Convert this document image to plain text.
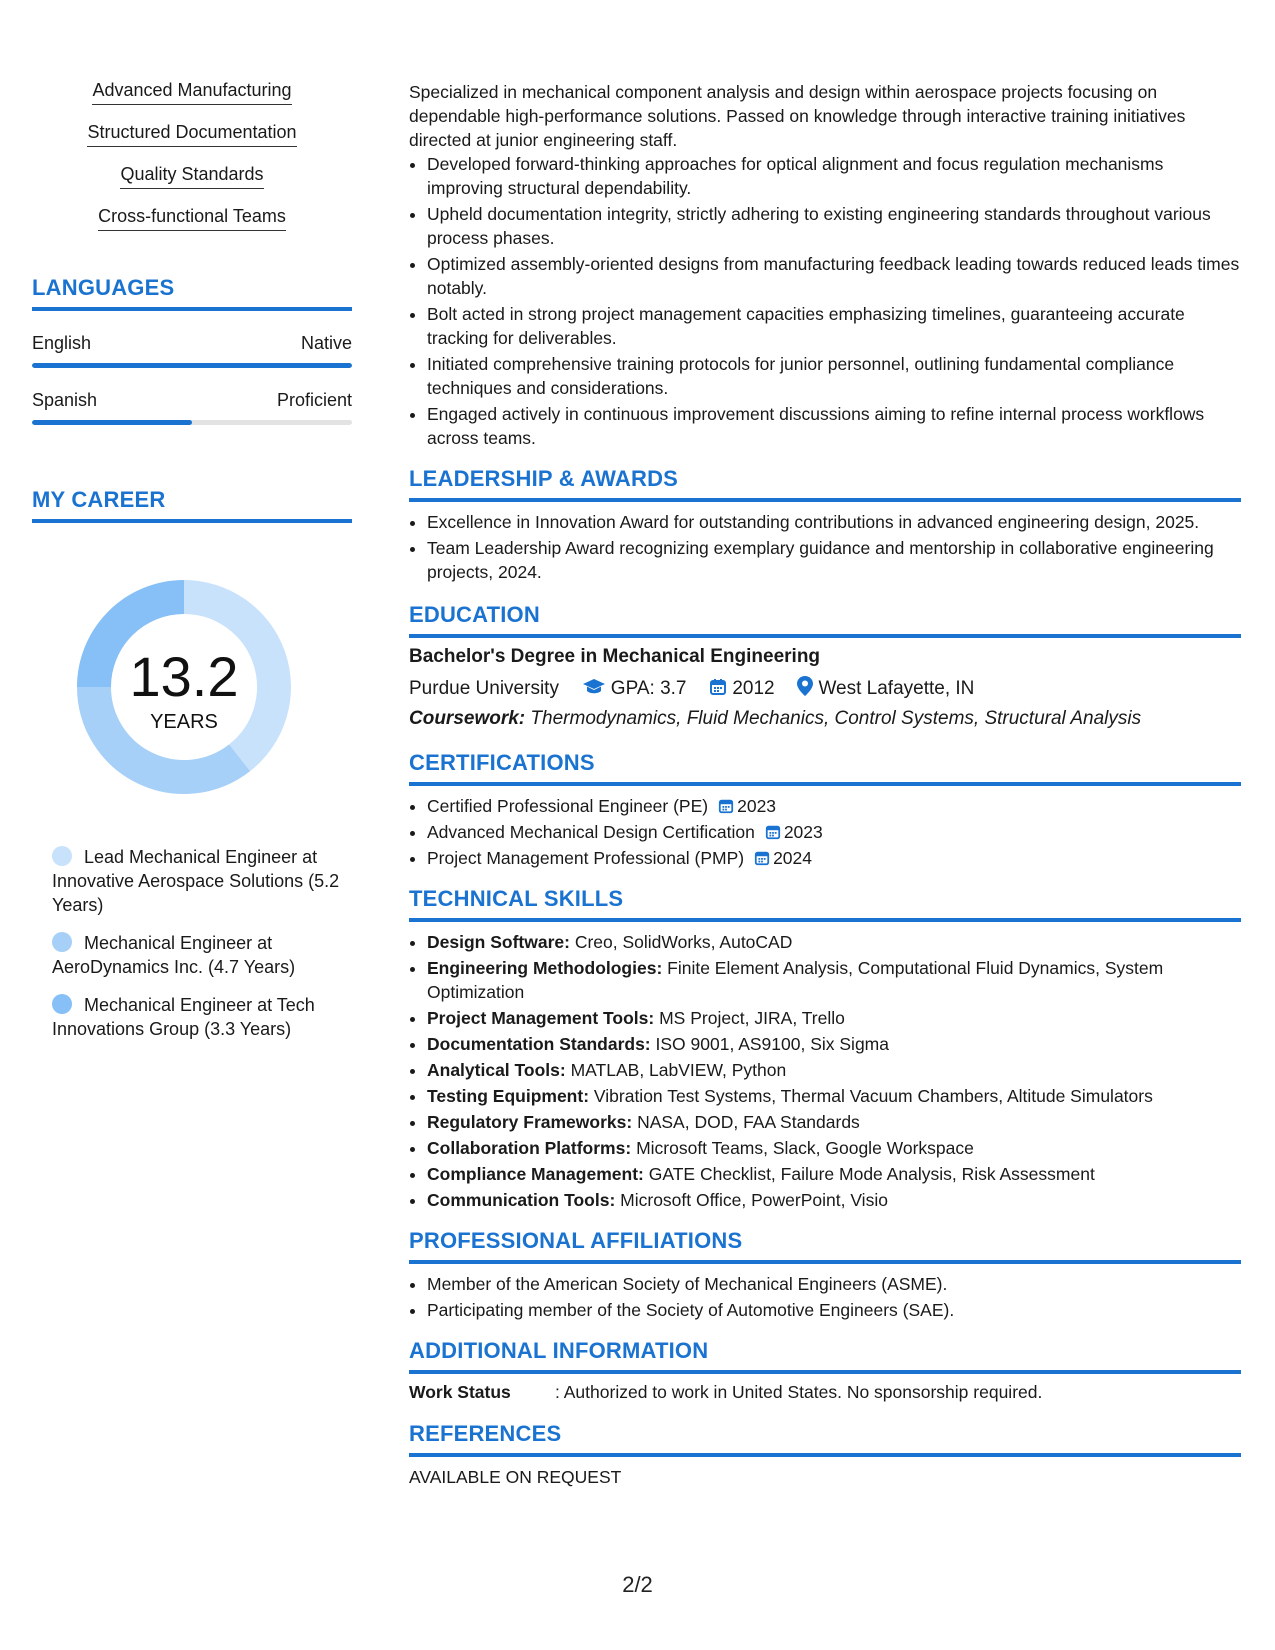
Advanced Manufacturing
Structured Documentation
Quality Standards
Cross-functional Teams
LANGUAGES
English	Native
Spanish	Proficient
MY CAREER
13.2
YEARS
Lead Mechanical Engineer at Innovative Aerospace Solutions (5.2 Years)
Mechanical Engineer at AeroDynamics Inc. (4.7 Years)
Mechanical Engineer at Tech Innovations Group (3.3 Years)

Specialized in mechanical component analysis and design within aerospace projects focusing on dependable high-performance solutions. Passed on knowledge through interactive training initiatives directed at junior engineering staff.

• Developed forward-thinking approaches for optical alignment and focus regulation mechanisms improving structural dependability.
• Upheld documentation integrity, strictly adhering to existing engineering standards throughout various process phases.
• Optimized assembly-oriented designs from manufacturing feedback leading towards reduced leads times notably.
• Bolt acted in strong project management capacities emphasizing timelines, guaranteeing accurate tracking for deliverables.
• Initiated comprehensive training protocols for junior personnel, outlining fundamental compliance techniques and considerations.
• Engaged actively in continuous improvement discussions aiming to refine internal process workflows across teams.
LEADERSHIP & AWARDS
• Excellence in Innovation Award for outstanding contributions in advanced engineering design, 2025.
• Team Leadership Award recognizing exemplary guidance and mentorship in collaborative engineering projects, 2024.
EDUCATION
Bachelor's Degree in Mechanical Engineering
Purdue University	GPA: 3.7 2012 West Lafayette, IN
Coursework: Thermodynamics, Fluid Mechanics, Control Systems, Structural Analysis
CERTIFICATIONS
• Certified Professional Engineer (PE) 2023
• Advanced Mechanical Design Certification 2023
• Project Management Professional (PMP) 2024
TECHNICAL SKILLS
• Design Software: Creo, SolidWorks, AutoCAD
• Engineering Methodologies: Finite Element Analysis, Computational Fluid Dynamics, System Optimization
• Project Management Tools: MS Project, JIRA, Trello
• Documentation Standards: ISO 9001, AS9100, Six Sigma
• Analytical Tools: MATLAB, LabVIEW, Python
• Testing Equipment: Vibration Test Systems, Thermal Vacuum Chambers, Altitude Simulators
• Regulatory Frameworks: NASA, DOD, FAA Standards
• Collaboration Platforms: Microsoft Teams, Slack, Google Workspace
• Compliance Management: GATE Checklist, Failure Mode Analysis, Risk Assessment
• Communication Tools: Microsoft Office, PowerPoint, Visio
PROFESSIONAL AFFILIATIONS
• Member of the American Society of Mechanical Engineers (ASME).
• Participating member of the Society of Automotive Engineers (SAE).
ADDITIONAL INFORMATION
Work Status	: Authorized to work in United States. No sponsorship required.
REFERENCES
AVAILABLE ON REQUEST
2/2
